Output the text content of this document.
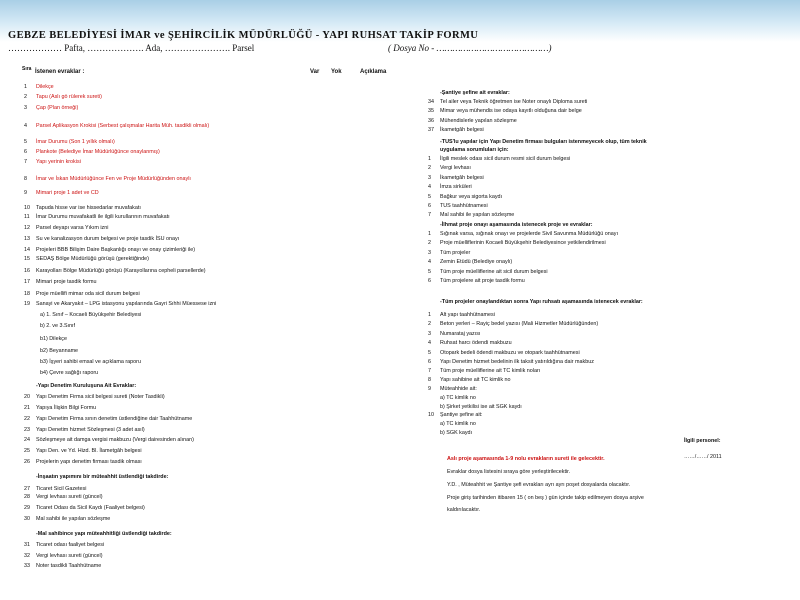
GEBZE BELEDİYESİ İMAR ve ŞEHİRCİLİK MÜDÜRLÜĞÜ - YAPI RUHSAT TAKİP FORMU
……………… Pafta, ………………. Ada, …………………. Parsel	( Dosya No - ……………………………………)
Sıra İstenen evraklar :	Var Yok	Açıklama
1	Dilekçe
2	Tapu (Aslı gö rülerek sureti)
3	Çap (Plan örneği)
4	Parsel Aplikasyon Krokisi (Serbest çalışmalar Harita Müh. tasdikli olmalı)
5	İmar Durumu (Son 1 yıllık olmalı)
6	Plankote (Belediye İmar Müdürlüğünce onaylanmış)
7	Yapı yerinin krokisi
8	İmar ve İskan Müdürlüğünce Fen ve Proje Müdürlüğünden onaylı
9	Mimari proje 1 adet ve CD
10	Tapuda hisse var ise hissedarlar muvafakatı
11	İmar Durumu muvafakatli ile ilgili kurullarının muvafakatı
12	Parsel deyapı varsa Yıkım izni
13	Su ve kanalizasyon durum belgesi ve proje tasdik İSU onayı
14	Projeleri BBB Bilişim Daire Başkanlığı onayı ve onay çizimleriği ile)
15	SEDAŞ Bölge Müdürlüğü görüşü (gerektiğinde)
16	Karayolları Bölge Müdürlüğü görüşü (Karayollarına cepheli parsellerde)
17	Mimari proje tasdik formu
18	Proje müellifi mimar oda sicil durum belgesi
19	Sanayi ve Akaryakıt – LPG istasyonu yapılarında Gayri Sıhhi Müessese izni
a) 1. Sınıf – Kocaeli Büyükşehir Belediyesi
b) 2. ve 3.Sınıf
b1) Dilekçe
b2) Beyanname
b3) İşyeri sahibi emsal ve açıklama raporu
b4) Çevre sağlığı raporu
-Yapı Denetim Kuruluşuna Ait Evraklar:
20	Yapı Denetim Firma sicil belgesi sureti (Noter Tasdikli)
21	Yapıya İlişkin Bilgi Formu
22	Yapı Denetim Firma sının denetim üstlendiğine dair Taahhütname
23	Yapı Denetim hizmet Sözleşmesi (3 adet asıl)
24	Sözleşmeye ait damga vergisi makbuzu (Vergi dairesinden alınan)
25	Yapı Den. ve Yd. Hizd. Bl. İlametgâh belgesi
26	Projelerin yapı denetim firması tasdik olması
-İnşaatın yapımını bir müteahhit üstlendiği takdirde:
27	Ticaret Sicil Gazetesi
28	Vergi levhası sureti (güncel)
29	Ticaret Odası da Sicil Kaydı (Faaliyet belgesi)
30	Mal sahibi ile yapılan sözleşme
-Mal sahibince yapı müteahhitliği üstlendiği takdirde:
31	Ticaret odası faaliyet belgesi
32	Vergi levhası sureti (güncel)
33	Noter tasdikli Taahhütname
-Şantiye şefine ait evraklar:
34	Tel ailer veya Teknik öğretmen ise Noter onaylı Diploma sureti
35	Mimar veya mühendis ise odaya kayıtlı olduğuna dair belge
36	Mühendislerle yapılan sözleşme
37	İkametgâh belgesi
-TUS'lu yapılar için Yapı Denetim firması bulguları istenmeyecek olup, tüm teknik
uygulama sorumluları için:
1	İlgili meslek odası sicil durum resmi sicil durum belgesi
2	Vergi levhası
3	İkametgâh belgesi
4	İmza sirküleri
5	Bağkur veya sigorta kaydı
6	TUS taahhütnamesi
7	Mal sahibi ile yapılan sözleşme
-İlhmat proje onayı aşamasında istenecek proje ve evraklar:
1	Sığınak varsa, sığınak onayı ve projelerde Sivil Savunma Müdürlüğü onayı
2	Proje müelliflerinin Kocaeli Büyükşehir Belediyesince yetkilendirilmesi
3	Tüm projeler
4	Zemin Etüdü (Belediye onaylı)
5	Tüm proje müelliflerine ait sicil durum belgesi
6	Tüm projelere ait proje tasdik formu
-Tüm projeler onaylandıktan sonra Yapı ruhsatı aşamasında istenecek evraklar:
1	Alt yapı taahhütnamesi
2	Beton yerleri – Rayiç bedel yazısı (Mali Hizmetler Müdürlüğünden)
3	Numarataj yazısı
4	Ruhsat harcı ödendi makbuzu
5	Otopark bedeli ödendi makbuzu ve otopark taahhütnamesi
6	Yapı Denetim hizmet bedelinin ilk taksit yatırıldığına dair makbuz
7	Tüm proje müelliflerine ait TC kimlik noları
8	Yapı sahibine ait TC kimlik no
9	Müteahhide ait:
a) TC kimlik no
b) Şirket yetkilisi ise ait SGK kaydı
10	Şantiye şefine ait:
a) TC kimlik no
b) SGK kaydı
İlgili personel:
……/……/ 2011
Aslı proje aşamasında 1-9 nolu evrakların sureti ile gelecektir.
Evraklar dosya listesini sıraya göre yerleştirilecektir.
Y.D. , Müteahhit ve Şantiye şefi evrakları ayrı ayrı poşet dosyalarda olacaktır.
Proje giriş tarihinden itibaren 15 ( on beş ) gün içinde takip edilmeyen dosya arşive
kaldırılacaktır.
